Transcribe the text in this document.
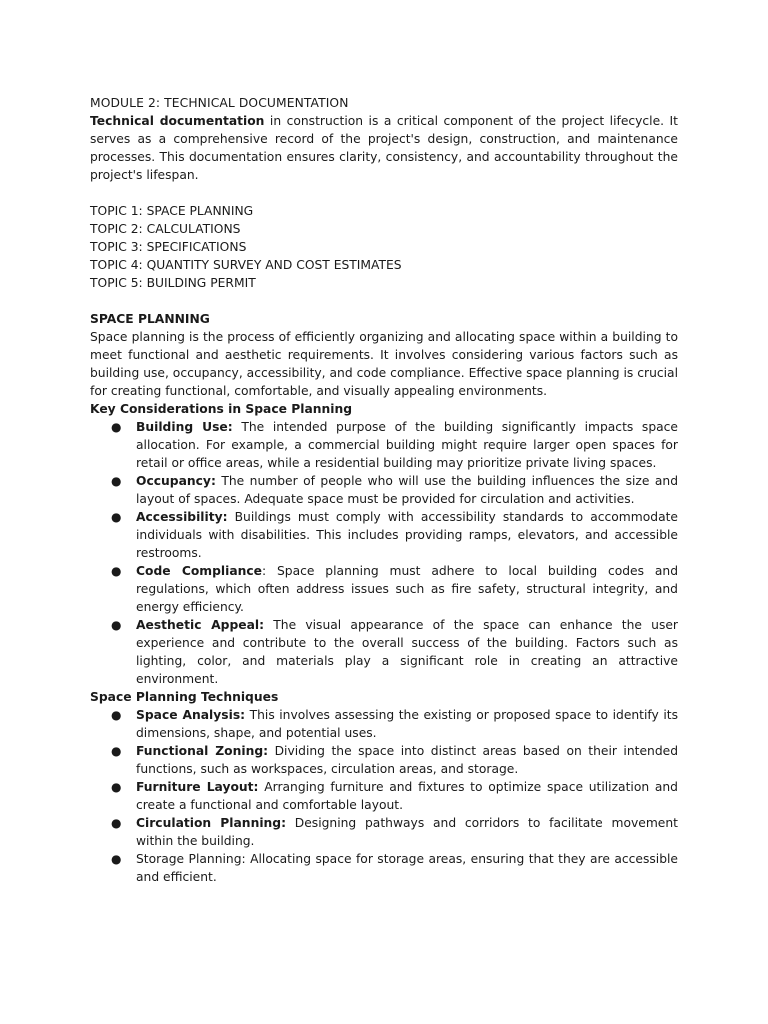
MODULE 2: TECHNICAL DOCUMENTATION

Technical documentation in construction is a critical component of the project lifecycle. It serves as a comprehensive record of the project's design, construction, and maintenance processes. This documentation ensures clarity, consistency, and accountability throughout the project's lifespan.

TOPIC 1: SPACE PLANNING
TOPIC 2: CALCULATIONS
TOPIC 3: SPECIFICATIONS
TOPIC 4: QUANTITY SURVEY AND COST ESTIMATES
TOPIC 5: BUILDING PERMIT
SPACE PLANNING

Space planning is the process of efficiently organizing and allocating space within a building to meet functional and aesthetic requirements. It involves considering various factors such as building use, occupancy, accessibility, and code compliance. Effective space planning is crucial for creating functional, comfortable, and visually appealing environments.

Key Considerations in Space Planning
● Building Use: The intended purpose of the building significantly impacts space allocation. For example, a commercial building might require larger open spaces for retail or office areas, while a residential building may prioritize private living spaces.
● Occupancy: The number of people who will use the building influences the size and layout of spaces. Adequate space must be provided for circulation and activities.
● Accessibility: Buildings must comply with accessibility standards to accommodate individuals with disabilities. This includes providing ramps, elevators, and accessible restrooms.
● Code Compliance: Space planning must adhere to local building codes and regulations, which often address issues such as fire safety, structural integrity, and energy efficiency.
● Aesthetic Appeal: The visual appearance of the space can enhance the user experience and contribute to the overall success of the building. Factors such as lighting, color, and materials play a significant role in creating an attractive environment.
Space Planning Techniques
● Space Analysis: This involves assessing the existing or proposed space to identify its dimensions, shape, and potential uses.
● Functional Zoning: Dividing the space into distinct areas based on their intended functions, such as workspaces, circulation areas, and storage.
● Furniture Layout: Arranging furniture and fixtures to optimize space utilization and create a functional and comfortable layout.
● Circulation Planning: Designing pathways and corridors to facilitate movement within the building.
● Storage Planning: Allocating space for storage areas, ensuring that they are accessible and efficient.
